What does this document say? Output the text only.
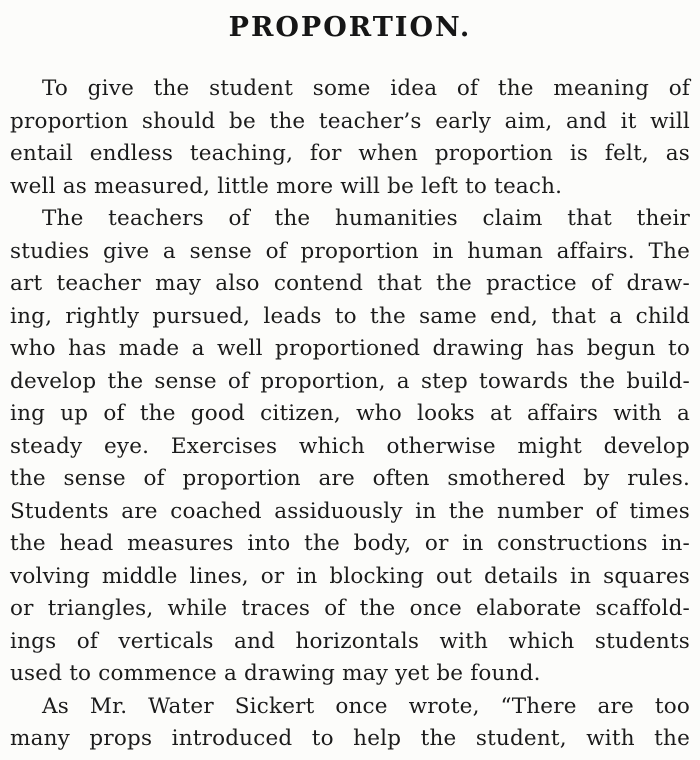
PROPORTION.
To give the student some idea of the meaning of
proportion should be the teacher’s early aim, and it will
entail endless teaching, for when proportion is felt, as
well as measured, little more will be left to teach.
The teachers of the humanities claim that their
studies give a sense of proportion in human affairs. The
art teacher may also contend that the practice of draw-
ing, rightly pursued, leads to the same end, that a child
who has made a well proportioned drawing has begun to
develop the sense of proportion, a step towards the build-
ing up of the good citizen, who looks at affairs with a
steady eye. Exercises which otherwise might develop
the sense of proportion are often smothered by rules.
Students are coached assiduously in the number of times
the head measures into the body, or in constructions in-
volving middle lines, or in blocking out details in squares
or triangles, while traces of the once elaborate scaffold-
ings of verticals and horizontals with which students
used to commence a drawing may yet be found.
As Mr. Water Sickert once wrote, “There are too
many props introduced to help the student, with the
